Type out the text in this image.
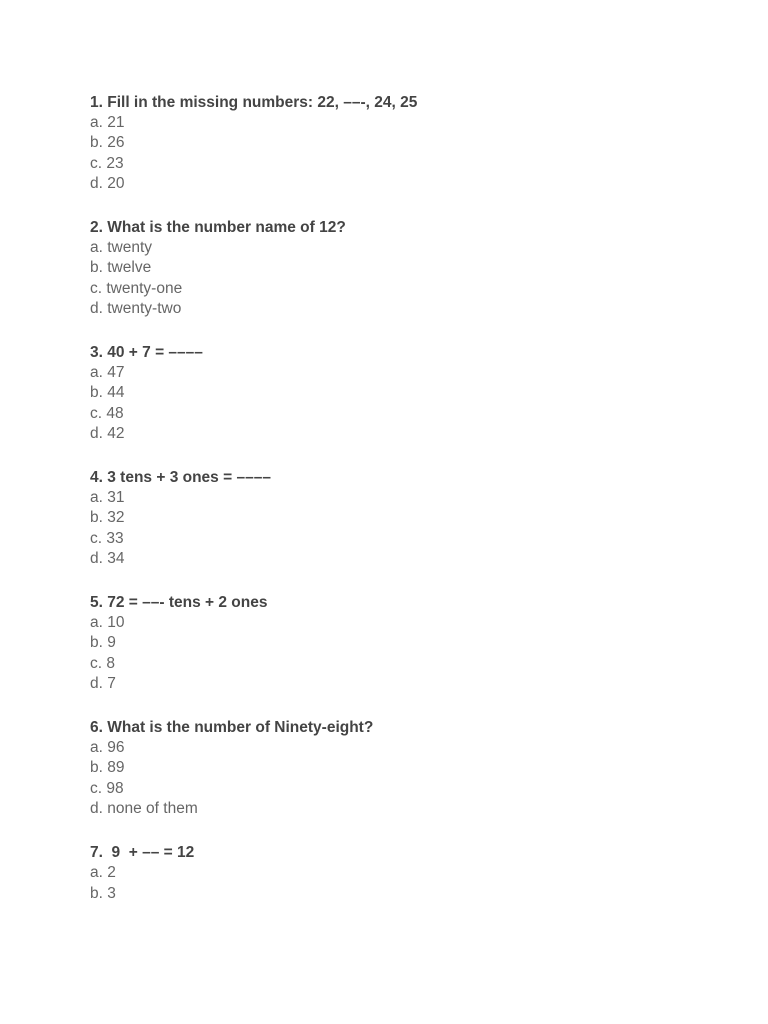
1. Fill in the missing numbers: 22, ––-, 24, 25
a . 21
b . 26
c . 23
d . 20
2. What is the number name of 12?
a . twenty
b . twelve
c . twenty-one
d . twenty-two
3. 40 + 7 = ––––
a . 47
b . 44
c . 48
d . 42
4. 3 tens + 3 ones = ––––
a . 31
b . 32
c . 33
d . 34
5. 72 = ––- tens + 2 ones
a . 10
b . 9
c . 8
d . 7
6. What is the number of Ninety-eight?
a . 96
b . 89
c . 98
d . none of them
7.  9  + –– = 12
a . 2
b . 3
